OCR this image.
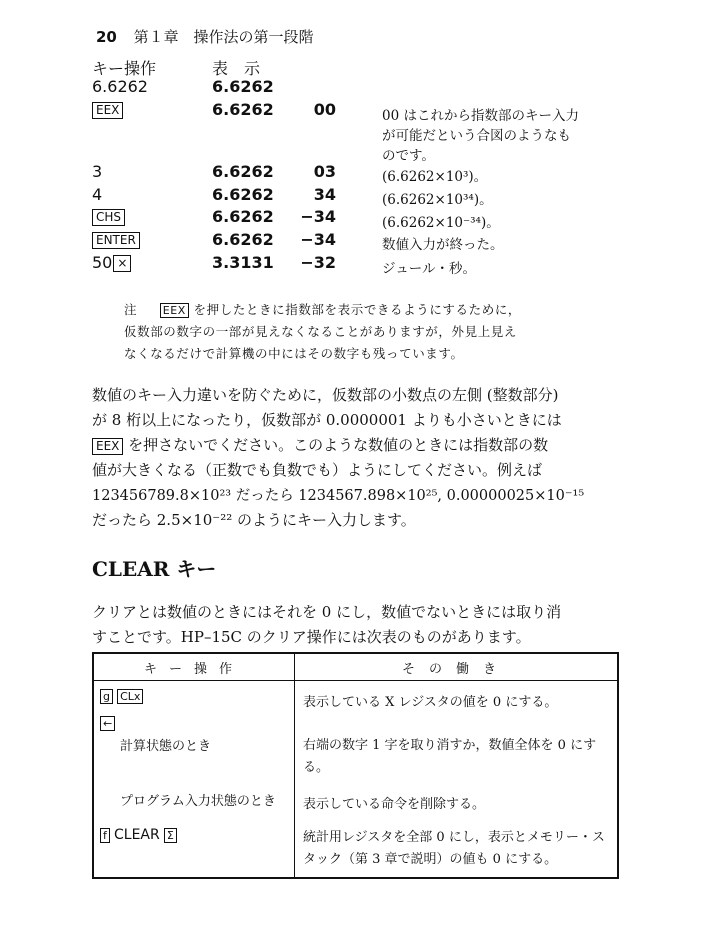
20 第１章 操作法の第一段階
キー操作	表　示
6.6262	6.6262
EEX	6.6262	00	00 はこれから指数部のキー入力
が可能だという合図のようなも
のです。
3	6.6262	03	(6.6262×10³)。
4	6.6262	34	(6.6262×10³⁴)。
CHS	6.6262	−34	(6.6262×10⁻³⁴)。
ENTER	6.6262	−34	数値入力が終った。
50 ×	3.3131	−32	ジュール・秒。
注 EEX を押したときに指数部を表示できるようにするために，
仮数部の数字の一部が見えなくなることがありますが，外見上見え
なくなるだけで計算機の中にはその数字も残っています。
数値のキー入力違いを防ぐために，仮数部の小数点の左側 (整数部分)
が 8 桁以上になったり，仮数部が 0.0000001 よりも小さいときには
EEX を押さないでください。このような数値のときには指数部の数
値が大きくなる（正数でも負数でも）ようにしてください。例えば
123456789.8×10²³ だったら 1234567.898×10²⁵, 0.00000025×10⁻¹⁵
だったら 2.5×10⁻²² のようにキー入力します。
CLEAR キー
クリアとは数値のときにはそれを 0 にし，数値でないときには取り消
すことです。HP–15C のクリア操作には次表のものがあります。
キー操作	その働き
g CLx	表示している X レジスタの値を 0 にする。
←	
計算状態のとき	右端の数字 1 字を取り消すか，数値全体を 0 にする。
プログラム入力状態のとき	表示している命令を削除する。
f CLEAR Σ	統計用レジスタを全部 0 にし，表示とメモリー・スタック（第 3 章で説明）の値も 0 にする。
